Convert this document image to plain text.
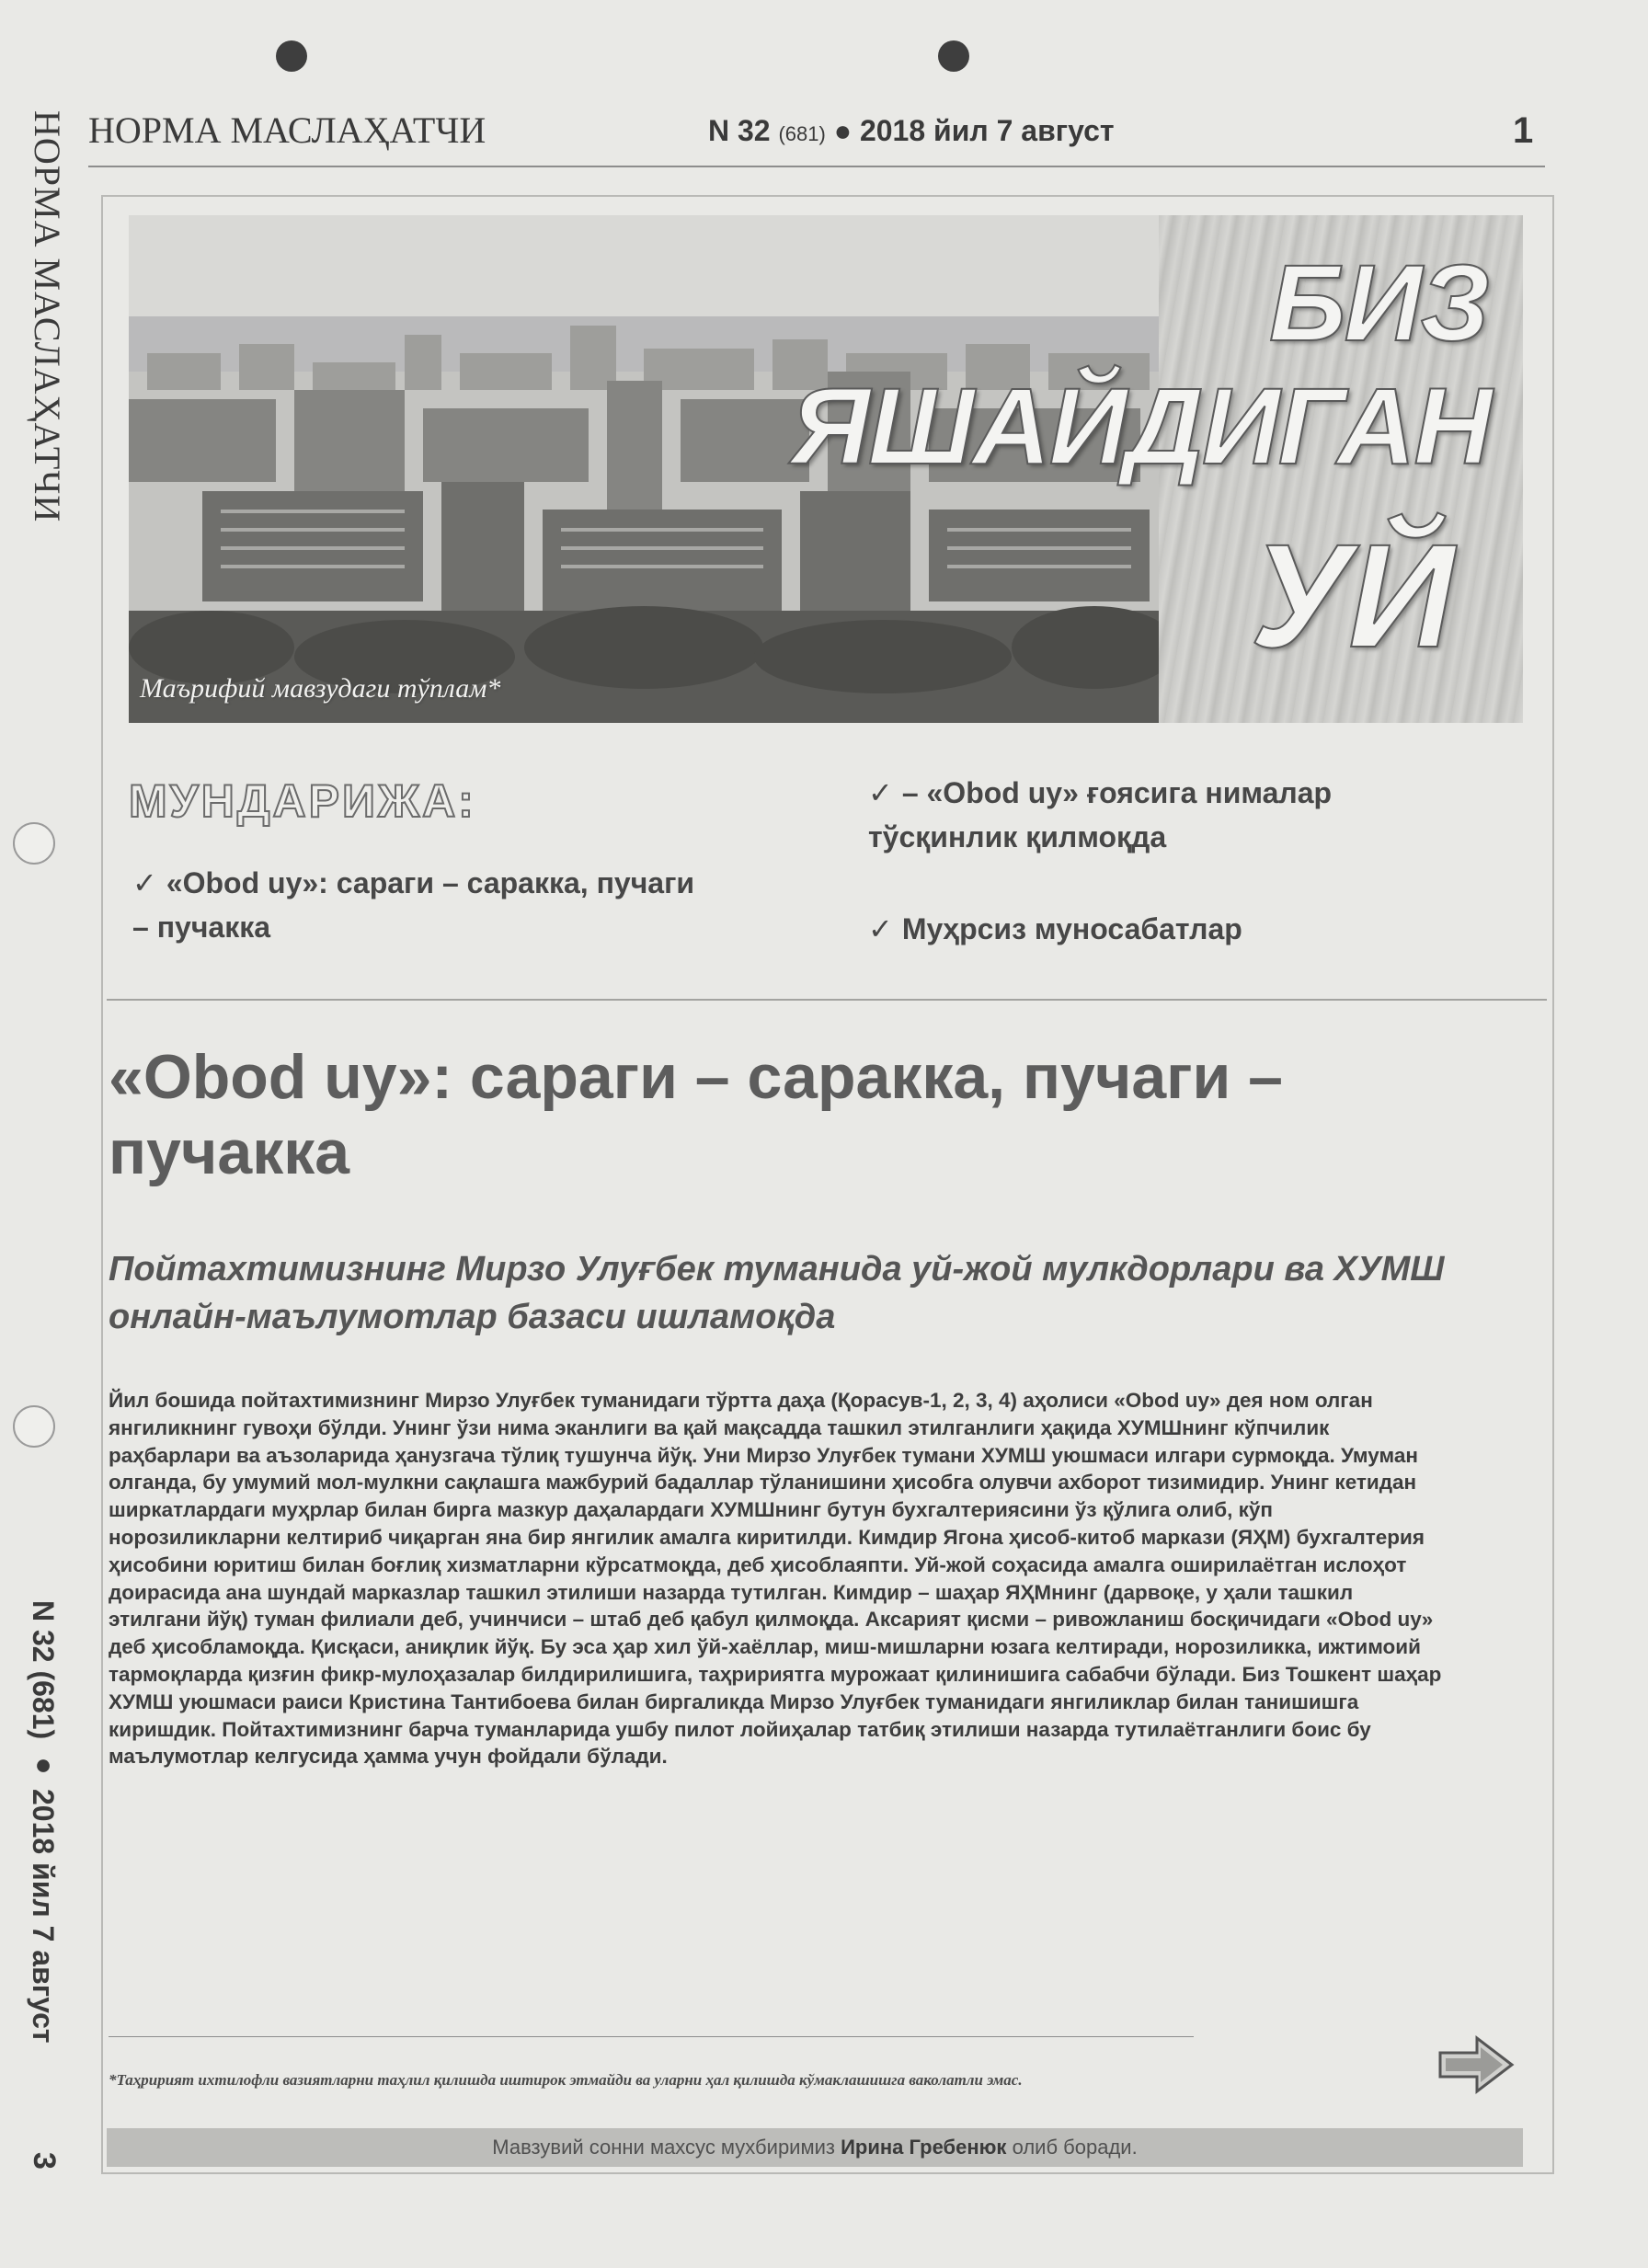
НОРМА МАСЛАҲАТЧИ
N 32 (681) ● 2018 йил 7 август
3
НОРМА МАСЛАҲАТЧИ	N 32 (681) ● 2018 йил 7 август	1
БИЗ
ЯШАЙДИГАН
УЙ
Маърифий мавзудаги тўплам*
МУНДАРИЖА:
✓ «Obod uy»: сараги – саракка, пучаги – пучакка
✓ – «Obod uy» ғоясига нималар тўсқинлик қилмоқда
✓ Муҳрсиз муносабатлар
«Obod uy»: сараги – саракка, пучаги – пучакка
Пойтахтимизнинг Мирзо Улуғбек туманида уй-жой мулкдорлари ва ХУМШ онлайн-маълумотлар базаси ишламоқда

Йил бошида пойтахтимизнинг Мирзо Улуғбек туманидаги тўртта даҳа (Қорасув-1, 2, 3, 4) аҳолиси «Obod uy» дея ном олган янгиликнинг гувоҳи бўлди. Унинг ўзи нима эканлиги ва қай мақсадда ташкил этилганлиги ҳақида ХУМШнинг кўпчилик раҳбарлари ва аъзоларида ҳанузгача тўлиқ тушунча йўқ. Уни Мирзо Улуғбек тумани ХУМШ уюшмаси илгари сурмоқда. Умуман олганда, бу умумий мол-мулкни сақлашга мажбурий бадаллар тўланишини ҳисобга олувчи ахборот тизимидир. Унинг кетидан ширкатлардаги муҳрлар билан бирга мазкур даҳалардаги ХУМШнинг бутун бухгалтериясини ўз қўлига олиб, кўп норозиликларни келтириб чиқарган яна бир янгилик амалга киритилди. Кимдир Ягона ҳисоб-китоб маркази (ЯҲМ) бухгалтерия ҳисобини юритиш билан боғлиқ хизматларни кўрсатмоқда, деб ҳисоблаяпти. Уй-жой соҳасида амалга оширилаётган ислоҳот доирасида ана шундай марказлар ташкил этилиши назарда тутилган. Кимдир – шаҳар ЯҲМнинг (дарвоқе, у ҳали ташкил этилгани йўқ) туман филиали деб, учинчиси – штаб деб қабул қилмоқда. Аксарият қисми – ривожланиш босқичидаги «Obod uy» деб ҳисобламоқда. Қисқаси, аниқлик йўқ. Бу эса ҳар хил ўй-хаёллар, миш-мишларни юзага келтиради, норозиликка, ижтимоий тармоқларда қизғин фикр-мулоҳазалар билдирилишига, таҳририятга мурожаат қилинишига сабабчи бўлади. Биз Тошкент шаҳар ХУМШ уюшмаси раиси Кристина Тантибоева билан биргаликда Мирзо Улуғбек туманидаги янгиликлар билан танишишга киришдик. Пойтахтимизнинг барча туманларида ушбу пилот лойиҳалар татбиқ этилиши назарда тутилаётганлиги боис бу маълумотлар келгусида ҳамма учун фойдали бўлади.

*Таҳририят ихтилофли вазиятларни таҳлил қилишда иштирок этмайди ва уларни ҳал қилишда кўмаклашишга ваколатли эмас.
Мавзувий сонни махсус мухбиримиз Ирина Гребенюк олиб боради.
